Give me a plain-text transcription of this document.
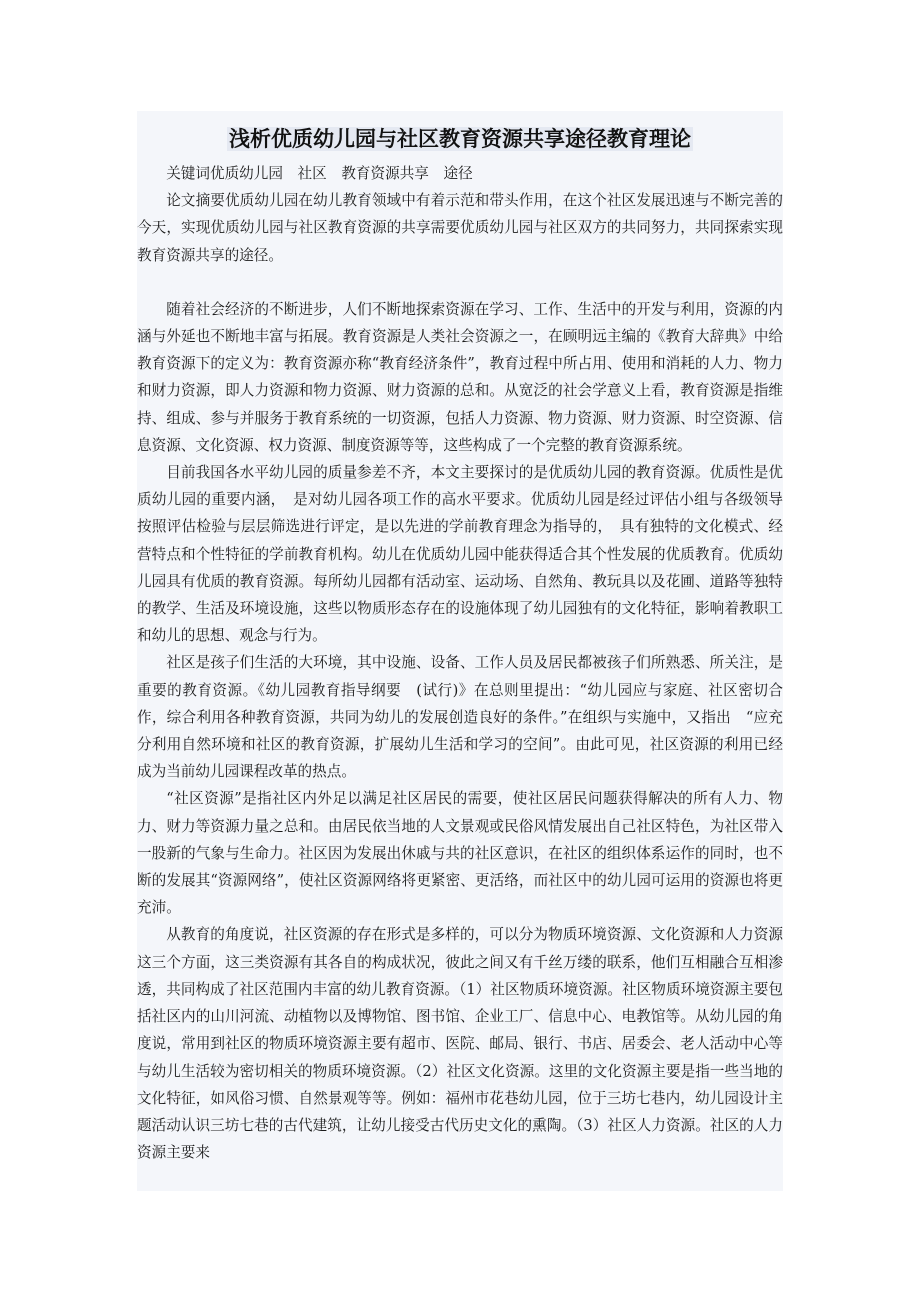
浅析优质幼儿园与社区教育资源共享途径教育理论

关键词优质幼儿园　社区　教育资源共享　途径

论文摘要优质幼儿园在幼儿教育领域中有着示范和带头作用，在这个社区发展迅速与不断完善的今天，实现优质幼儿园与社区教育资源的共享需要优质幼儿园与社区双方的共同努力，共同探索实现教育资源共享的途径。

随着社会经济的不断进步，人们不断地探索资源在学习、工作、生活中的开发与利用，资源的内涵与外延也不断地丰富与拓展。教育资源是人类社会资源之一，在顾明远主编的《教育大辞典》中给教育资源下的定义为：教育资源亦称“教育经济条件”，教育过程中所占用、使用和消耗的人力、物力和财力资源，即人力资源和物力资源、财力资源的总和。从宽泛的社会学意义上看，教育资源是指维持、组成、参与并服务于教育系统的一切资源，包括人力资源、物力资源、财力资源、时空资源、信息资源、文化资源、权力资源、制度资源等等，这些构成了一个完整的教育资源系统。

目前我国各水平幼儿园的质量参差不齐，本文主要探讨的是优质幼儿园的教育资源。优质性是优质幼儿园的重要内涵，　是对幼儿园各项工作的高水平要求。优质幼儿园是经过评估小组与各级领导按照评估检验与层层筛选进行评定，是以先进的学前教育理念为指导的，　具有独特的文化模式、经营特点和个性特征的学前教育机构。幼儿在优质幼儿园中能获得适合其个性发展的优质教育。优质幼儿园具有优质的教育资源。每所幼儿园都有活动室、运动场、自然角、教玩具以及花圃、道路等独特的教学、生活及环境设施，这些以物质形态存在的设施体现了幼儿园独有的文化特征，影响着教职工和幼儿的思想、观念与行为。

社区是孩子们生活的大环境，其中设施、设备、工作人员及居民都被孩子们所熟悉、所关注，是重要的教育资源。《幼儿园教育指导纲要　(试行)》在总则里提出：“幼儿园应与家庭、社区密切合作，综合利用各种教育资源，共同为幼儿的发展创造良好的条件。”在组织与实施中，又指出　“应充分利用自然环境和社区的教育资源，扩展幼儿生活和学习的空间”。由此可见，社区资源的利用已经成为当前幼儿园课程改革的热点。

“社区资源”是指社区内外足以满足社区居民的需要，使社区居民问题获得解决的所有人力、物力、财力等资源力量之总和。由居民依当地的人文景观或民俗风情发展出自己社区特色，为社区带入一股新的气象与生命力。社区因为发展出休戚与共的社区意识，在社区的组织体系运作的同时，也不断的发展其“资源网络”，使社区资源网络将更紧密、更活络，而社区中的幼儿园可运用的资源也将更充沛。

从教育的角度说，社区资源的存在形式是多样的，可以分为物质环境资源、文化资源和人力资源这三个方面，这三类资源有其各自的构成状况，彼此之间又有千丝万缕的联系，他们互相融合互相渗透，共同构成了社区范围内丰富的幼儿教育资源。（1）社区物质环境资源。社区物质环境资源主要包括社区内的山川河流、动植物以及博物馆、图书馆、企业工厂、信息中心、电教馆等。从幼儿园的角度说，常用到社区的物质环境资源主要有超市、医院、邮局、银行、书店、居委会、老人活动中心等与幼儿生活较为密切相关的物质环境资源。（2）社区文化资源。这里的文化资源主要是指一些当地的文化特征，如风俗习惯、自然景观等等。例如：福州市花巷幼儿园，位于三坊七巷内，幼儿园设计主题活动认识三坊七巷的古代建筑，让幼儿接受古代历史文化的熏陶。（3）社区人力资源。社区的人力资源主要来
